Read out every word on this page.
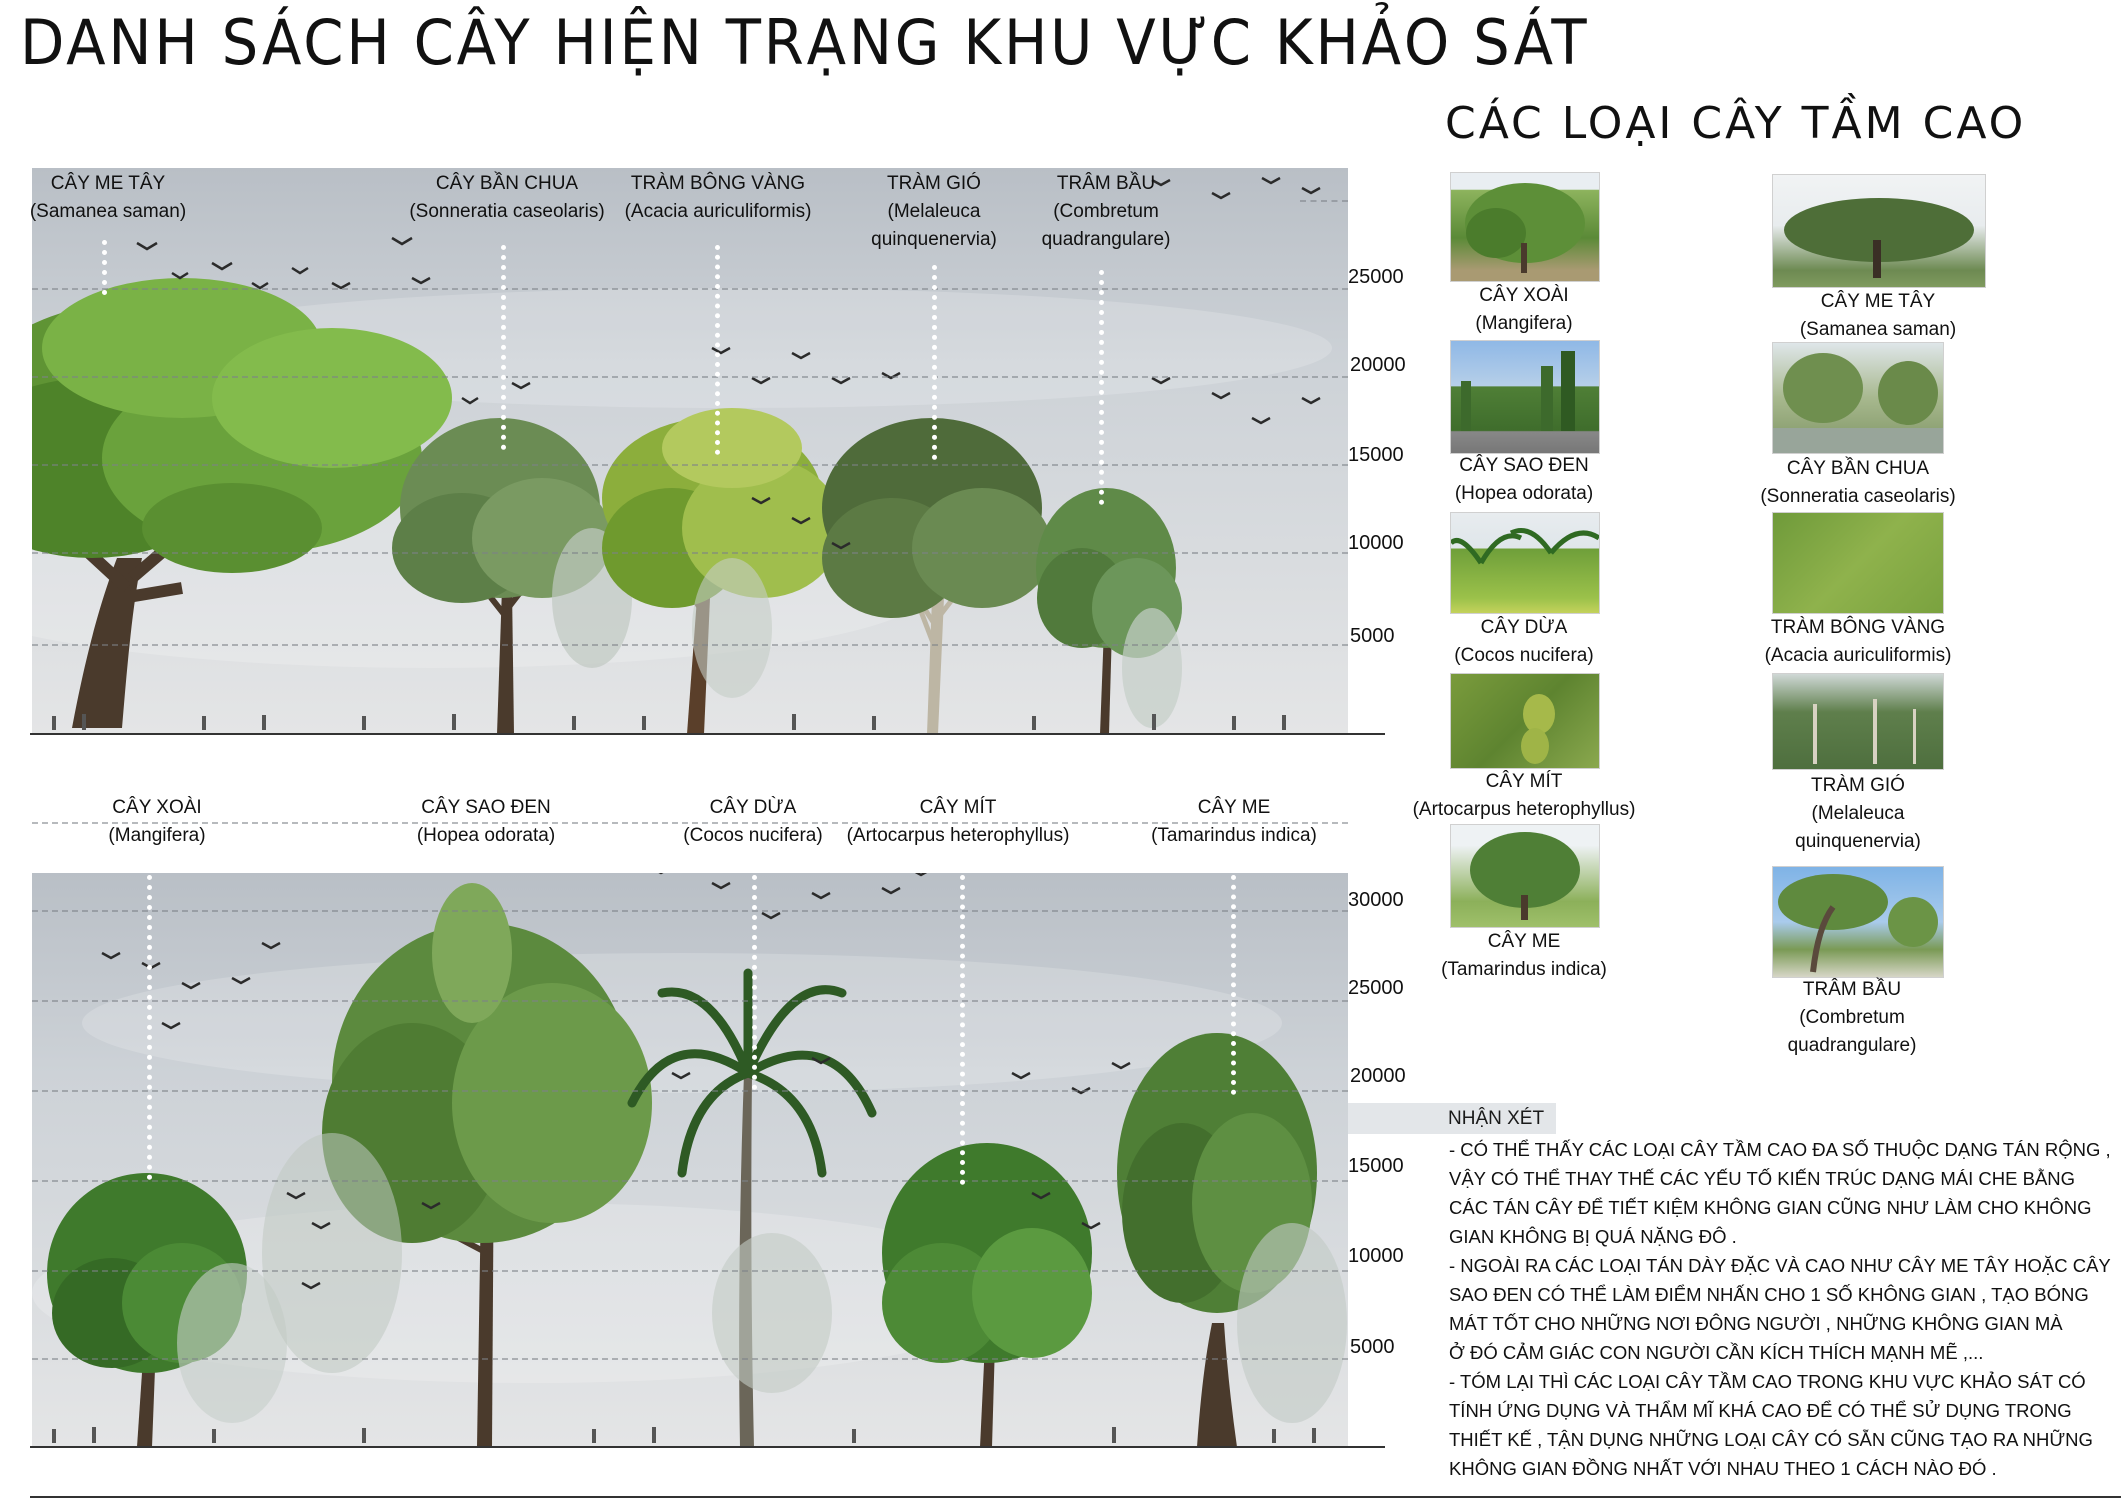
DANH SÁCH CÂY HIỆN TRẠNG KHU VỰC KHẢO SÁT
CÁC LOẠI CÂY TẦM CAO
25000
20000
15000
10000
5000
CÂY ME TÂY
(Samanea saman)
CÂY BẦN CHUA
(Sonneratia caseolaris)
TRÀM BÔNG VÀNG
(Acacia auriculiformis)
TRÀM GIÓ
(Melaleuca
quinquenervia)
TRÂM BẦU
(Combretum
quadrangulare)
30000
25000
20000
15000
10000
5000
CÂY XOÀI
(Mangifera)
CÂY SAO ĐEN
(Hopea odorata)
CÂY DỪA
(Cocos nucifera)
CÂY MÍT
(Artocarpus heterophyllus)
CÂY ME
(Tamarindus indica)
CÂY XOÀI
(Mangifera)
CÂY SAO ĐEN
(Hopea odorata)
CÂY DỪA
(Cocos nucifera)
CÂY MÍT
(Artocarpus heterophyllus)
CÂY ME
(Tamarindus indica)
CÂY ME TÂY
(Samanea saman)
CÂY BẦN CHUA
(Sonneratia caseolaris)
TRÀM BÔNG VÀNG
(Acacia auriculiformis)
TRÀM GIÓ
(Melaleuca
quinquenervia)
TRÂM BẦU
(Combretum
quadrangulare)
NHẬN XÉT
- CÓ THỂ THẤY CÁC LOẠI CÂY TẦM CAO ĐA SỐ THUỘC DẠNG TÁN RỘNG ,
VẬY CÓ THỂ THAY THẾ CÁC YẾU TỐ KIẾN TRÚC DẠNG MÁI CHE BẰNG
CÁC TÁN CÂY ĐỂ TIẾT KIỆM KHÔNG GIAN CŨNG NHƯ LÀM CHO KHÔNG
GIAN KHÔNG BỊ QUÁ NẶNG ĐÔ .
- NGOÀI RA CÁC LOẠI TÁN DÀY ĐẶC VÀ CAO NHƯ CÂY ME TÂY HOẶC CÂY
SAO ĐEN CÓ THỂ LÀM ĐIỂM NHẤN CHO 1 SỐ KHÔNG GIAN , TẠO BÓNG
MÁT TỐT CHO NHỮNG NƠI ĐÔNG NGƯỜI , NHỮNG KHÔNG GIAN MÀ
Ở ĐÓ CẢM GIÁC CON NGƯỜI CẦN KÍCH THÍCH MẠNH MẼ ,...
- TÓM LẠI THÌ CÁC LOẠI CÂY TẦM CAO TRONG KHU VỰC KHẢO SÁT CÓ
TÍNH ỨNG DỤNG VÀ THẨM MĨ KHÁ CAO ĐỂ CÓ THỂ SỬ DỤNG TRONG
THIẾT KẾ , TẬN DỤNG NHỮNG LOẠI CÂY CÓ SẴN CŨNG TẠO RA NHỮNG
KHÔNG GIAN ĐỒNG NHẤT VỚI NHAU THEO 1 CÁCH NÀO ĐÓ .
